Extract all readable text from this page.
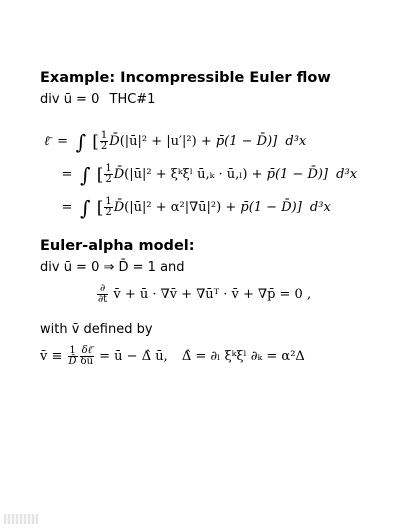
Example: Incompressible Euler flow
div ū = 0 THC#1
ℓ̄ = ∫ [ $\frac{1}{2}$ D̄(|ū|² + |u′|²) + p̄(1 − D̄)] d³x
= ∫ [ $\frac{1}{2}$ D̄(|ū|² + ξᵏξˡ ū,ₖ · ū,ₗ) + p̄(1 − D̄)] d³x
= ∫ [ $\frac{1}{2}$ D̄(|ū|² + α²|∇ū|²) + p̄(1 − D̄)] d³x
Euler-alpha model:
div ū = 0 ⇒ D̄ = 1 and
$\frac{\partial}{\partial t}$ v̄ + ū · ∇v̄ + ∇ūᵀ · v̄ + ∇p̄ = 0 ,
with v̄ defined by
v̄ ≡ $\frac{1}{D̄} \frac{\text{δℓ̄}}{\delta ū}$ = ū − Δ̂ ū, Δ̂ = ∂ₗ ξᵏξˡ ∂ₖ = α²Δ
